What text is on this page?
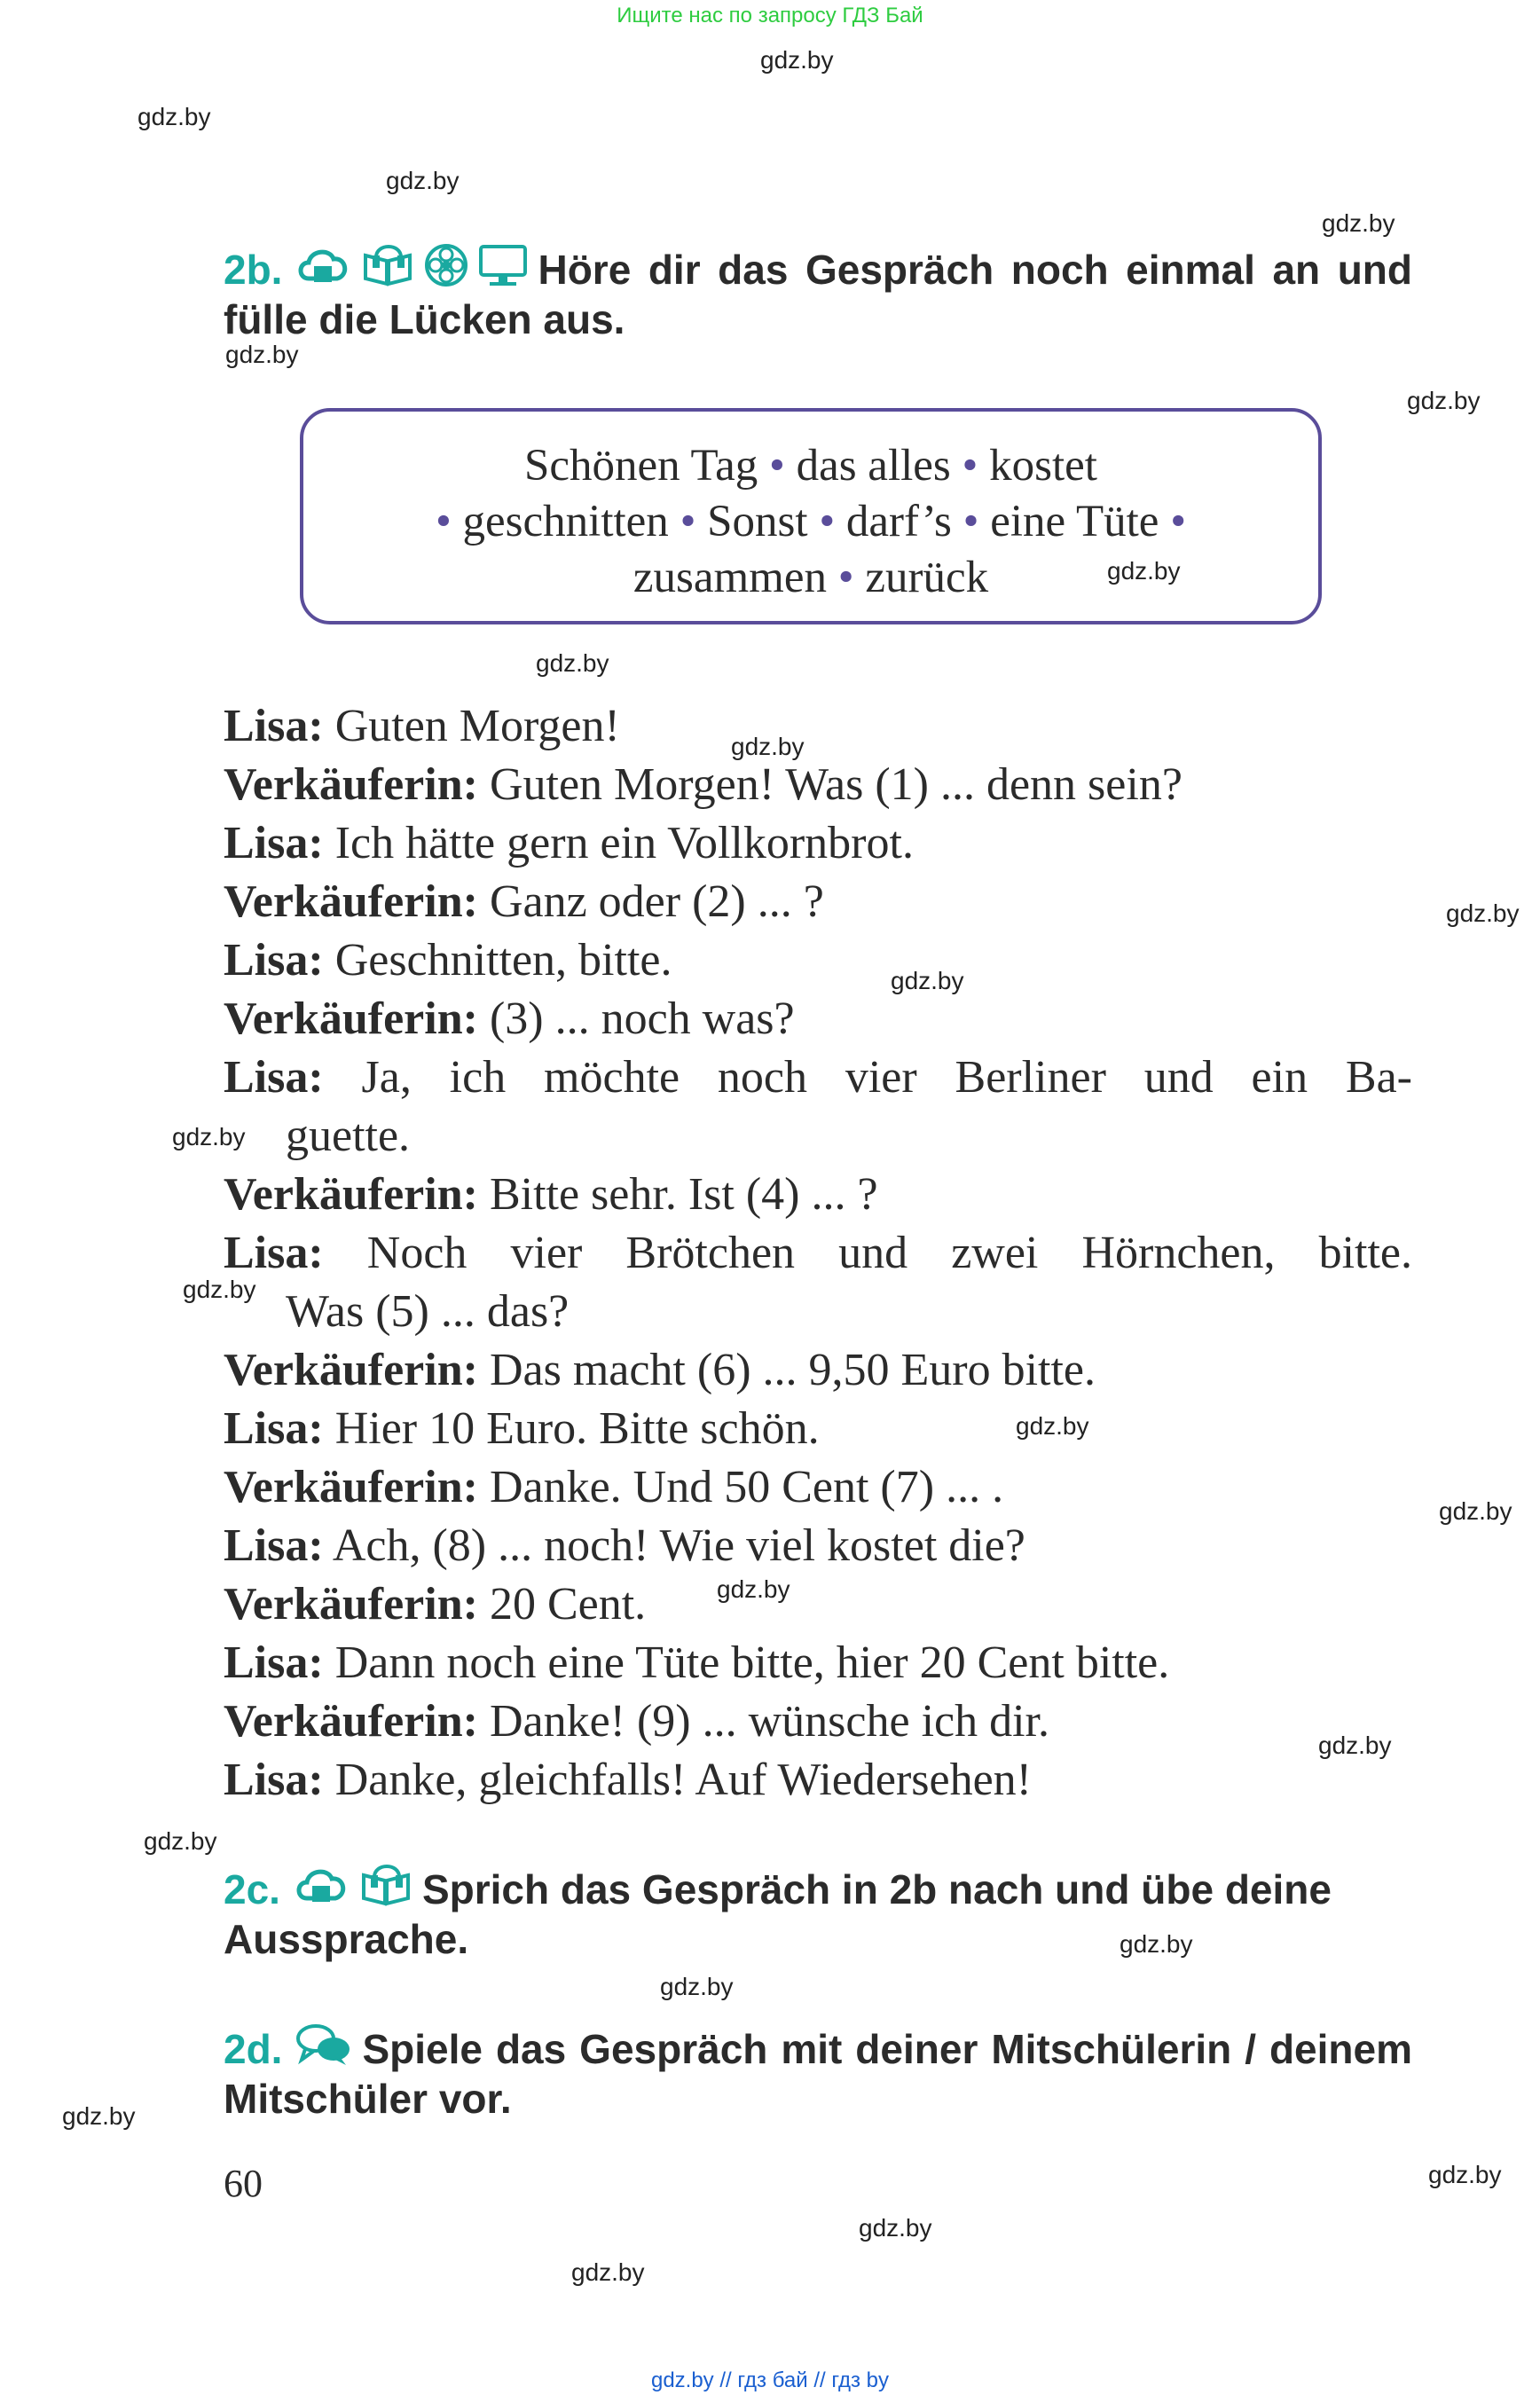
Ищите нас по запросу ГДЗ Бай
gdz.by // гдз бай // гдз by
gdz.by
gdz.by
gdz.by
gdz.by
gdz.by
gdz.by
gdz.by
gdz.by
gdz.by
gdz.by
gdz.by
gdz.by
gdz.by
gdz.by
gdz.by
gdz.by
gdz.by
gdz.by
gdz.by
gdz.by
gdz.by
gdz.by
gdz.by
gdz.by
2b.	Höre dir das Gespräch noch einmal an und fülle die Lücken aus.
Schönen Tag • das alles • kostet
• geschnitten • Sonst • darf’s • eine Tüte •
zusammen • zurück
Lisa: Guten Morgen!
Verkäuferin: Guten Morgen! Was (1) ... denn sein?
Lisa: Ich hätte gern ein Vollkornbrot.
Verkäuferin: Ganz oder (2) ... ?
Lisa: Geschnitten, bitte.
Verkäuferin: (3) ... noch was?
Lisa: Ja, ich möchte noch vier Berliner und ein Ba-
guette.
Verkäuferin: Bitte sehr. Ist (4) ... ?
Lisa: Noch vier Brötchen und zwei Hörnchen, bitte.
Was (5) ... das?
Verkäuferin: Das macht (6) ... 9,50 Euro bitte.
Lisa: Hier 10 Euro. Bitte schön.
Verkäuferin: Danke. Und 50 Cent (7) ... .
Lisa: Ach, (8) ... noch! Wie viel kostet die?
Verkäuferin: 20 Cent.
Lisa: Dann noch eine Tüte bitte, hier 20 Cent bitte.
Verkäuferin: Danke! (9) ... wünsche ich dir.
Lisa: Danke, gleichfalls! Auf Wiedersehen!
2c.	Sprich das Gespräch in 2b nach und übe deine Aussprache.
2d. Spiele das Gespräch mit deiner Mitschülerin / deinem Mitschüler vor.
60
